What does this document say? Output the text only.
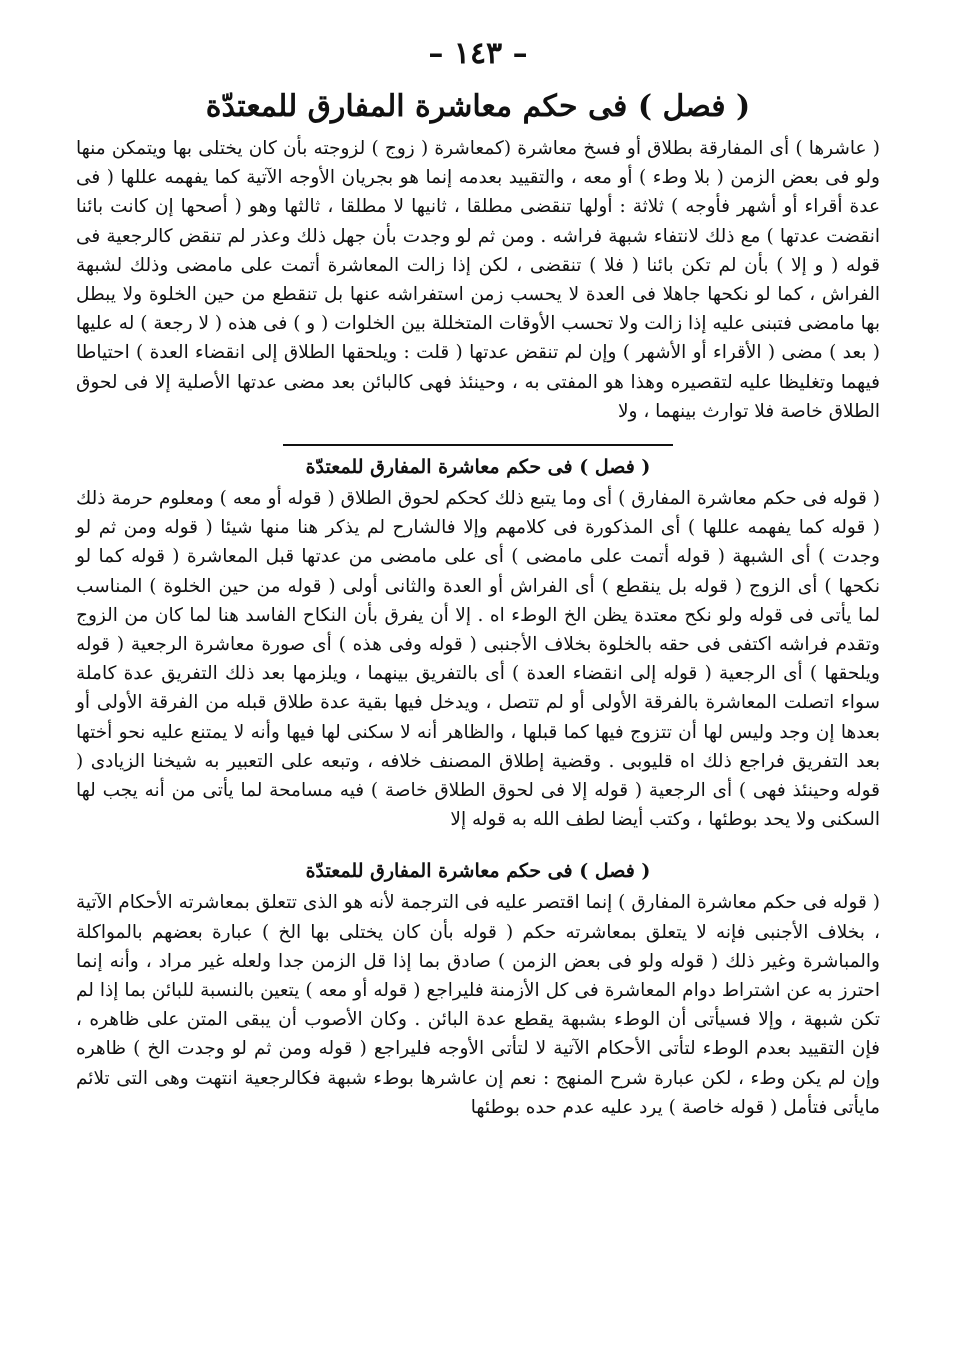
– ١٤٣ –
( فصل ) فى حكم معاشرة المفارق للمعتدّة

( عاشرها ) أى المفارقة بطلاق أو فسخ معاشرة (كمعاشرة ( زوج ) لزوجته بأن كان يختلى بها ويتمكن منها ولو فى بعض الزمن ( بلا وطء ) أو معه ، والتقييد بعدمه إنما هو بجريان الأوجه الآتية كما يفهمه عللها ( فى عدة أقراء أو أشهر فأوجه ) ثلاثة : أولها تنقضى مطلقا ، ثانيها لا مطلقا ، ثالثها وهو ( أصحها إن كانت بائنا انقضت عدتها ) مع ذلك لانتفاء شبهة فراشه . ومن ثم لو وجدت بأن جهل ذلك وعذر لم تنقض كالرجعية فى قوله ( و إلا ) بأن لم تكن بائنا ( فلا ) تنقضى ، لكن إذا زالت المعاشرة أتمت على مامضى وذلك لشبهة الفراش ، كما لو نكحها جاهلا فى العدة لا يحسب زمن استفراشه عنها بل تنقطع من حين الخلوة ولا يبطل بها مامضى فتبنى عليه إذا زالت ولا تحسب الأوقات المتخللة بين الخلوات ( و ) فى هذه ( لا رجعة ) له عليها ( بعد ) مضى ( الأقراء أو الأشهر ) وإن لم تنقض عدتها ( قلت : ويلحقها الطلاق إلى انقضاء العدة ) احتياطا فيهما وتغليظا عليه لتقصيره وهذا هو المفتى به ، وحينئذ فهى كالبائن بعد مضى عدتها الأصلية إلا فى لحوق الطلاق خاصة فلا توارث بينهما ، ولا

( فصل ) فى حكم معاشرة المفارق للمعتدّة

( قوله فى حكم معاشرة المفارق ) أى وما يتبع ذلك كحكم لحوق الطلاق ( قوله أو معه ) ومعلوم حرمة ذلك ( قوله كما يفهمه عللها ) أى المذكورة فى كلامهم وإلا فالشارح لم يذكر هنا منها شيئا ( قوله ومن ثم لو وجدت ) أى الشبهة ( قوله أتمت على مامضى ) أى على مامضى من عدتها قبل المعاشرة ( قوله كما لو نكحها ) أى الزوج ( قوله بل ينقطع ) أى الفراش أو العدة والثانى أولى ( قوله من حين الخلوة ) المناسب لما يأتى فى قوله ولو نكح معتدة يظن الخ الوطء اه . إلا أن يفرق بأن النكاح الفاسد هنا لما كان من الزوج وتقدم فراشه اكتفى فى حقه بالخلوة بخلاف الأجنبى ( قوله وفى هذه ) أى صورة معاشرة الرجعية ( قوله ويلحقها ) أى الرجعية ( قوله إلى انقضاء العدة ) أى بالتفريق بينهما ، ويلزمها بعد ذلك التفريق عدة كاملة سواء اتصلت المعاشرة بالفرقة الأولى أو لم تتصل ، ويدخل فيها بقية عدة طلاق قبله من الفرقة الأولى أو بعدها إن وجد وليس لها أن تتزوج فيها كما قبلها ، والظاهر أنه لا سكنى لها فيها وأنه لا يمتنع عليه نحو أختها بعد التفريق فراجع ذلك اه قليوبى . وقضية إطلاق المصنف خلافه ، وتبعه على التعبير به شيخنا الزيادى ( قوله وحينئذ فهى ) أى الرجعية ( قوله إلا فى لحوق الطلاق خاصة ) فيه مسامحة لما يأتى من أنه يجب لها السكنى ولا يحد بوطئها ، وكتب أيضا لطف الله به قوله إلا

( فصل ) فى حكم معاشرة المفارق للمعتدّة

( قوله فى حكم معاشرة المفارق ) إنما اقتصر عليه فى الترجمة لأنه هو الذى تتعلق بمعاشرته الأحكام الآتية ، بخلاف الأجنبى فإنه لا يتعلق بمعاشرته حكم ( قوله بأن كان يختلى بها الخ ) عبارة بعضهم بالمواكلة والمباشرة وغير ذلك ( قوله ولو فى بعض الزمن ) صادق بما إذا قل الزمن جدا ولعله غير مراد ، وأنه إنما احترز به عن اشتراط دوام المعاشرة فى كل الأزمنة فليراجع ( قوله أو معه ) يتعين بالنسبة للبائن بما إذا لم تكن شبهة ، وإلا فسيأتى أن الوطء بشبهة يقطع عدة البائن . وكان الأصوب أن يبقى المتن على ظاهره ، فإن التقييد بعدم الوطء لتأتى الأحكام الآتية لا لتأتى الأوجه فليراجع ( قوله ومن ثم لو وجدت الخ ) ظاهره وإن لم يكن وطء ، لكن عبارة شرح المنهج : نعم إن عاشرها بوطء شبهة فكالرجعية انتهت وهى التى تلائم مايأتى فتأمل ( قوله خاصة ) يرد عليه عدم حده بوطئها
